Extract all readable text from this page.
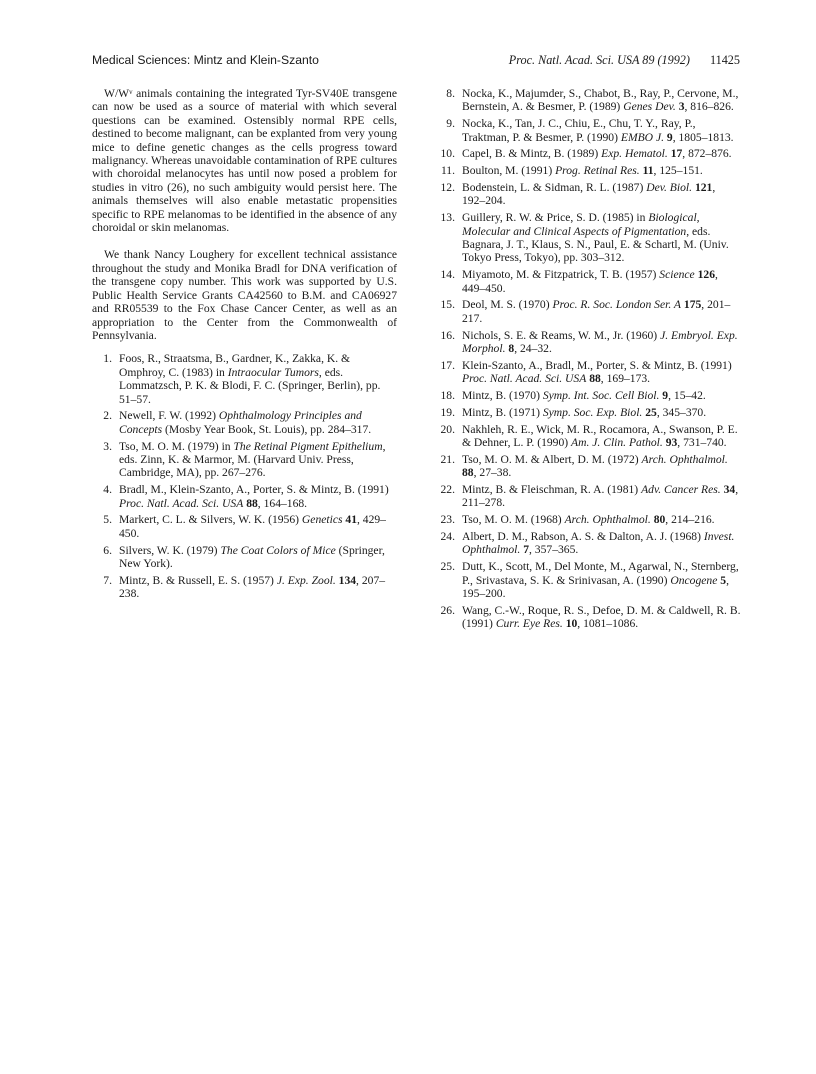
Medical Sciences: Mintz and Klein-Szanto	Proc. Natl. Acad. Sci. USA 89 (1992) 11425

W/Wᵛ animals containing the integrated Tyr-SV40E transgene can now be used as a source of material with which several questions can be examined. Ostensibly normal RPE cells, destined to become malignant, can be explanted from very young mice to define genetic changes as the cells progress toward malignancy. Whereas unavoidable contamination of RPE cultures with choroidal melanocytes has until now posed a problem for studies in vitro (26), no such ambiguity would persist here. The animals themselves will also enable metastatic propensities specific to RPE melanomas to be identified in the absence of any choroidal or skin melanomas.

We thank Nancy Loughery for excellent technical assistance throughout the study and Monika Bradl for DNA verification of the transgene copy number. This work was supported by U.S. Public Health Service Grants CA42560 to B.M. and CA06927 and RR05539 to the Fox Chase Cancer Center, as well as an appropriation to the Center from the Commonwealth of Pennsylvania.

1. Foos, R., Straatsma, B., Gardner, K., Zakka, K. & Omphroy, C. (1983) in Intraocular Tumors, eds. Lommatzsch, P. K. & Blodi, F. C. (Springer, Berlin), pp. 51–57.

2. Newell, F. W. (1992) Ophthalmology Principles and Concepts (Mosby Year Book, St. Louis), pp. 284–317.

3. Tso, M. O. M. (1979) in The Retinal Pigment Epithelium, eds. Zinn, K. & Marmor, M. (Harvard Univ. Press, Cambridge, MA), pp. 267–276.

4. Bradl, M., Klein-Szanto, A., Porter, S. & Mintz, B. (1991) Proc. Natl. Acad. Sci. USA 88, 164–168.

5. Markert, C. L. & Silvers, W. K. (1956) Genetics 41, 429–450.

6. Silvers, W. K. (1979) The Coat Colors of Mice (Springer, New York).

7. Mintz, B. & Russell, E. S. (1957) J. Exp. Zool. 134, 207–238.

8. Nocka, K., Majumder, S., Chabot, B., Ray, P., Cervone, M., Bernstein, A. & Besmer, P. (1989) Genes Dev. 3, 816–826.

9. Nocka, K., Tan, J. C., Chiu, E., Chu, T. Y., Ray, P., Traktman, P. & Besmer, P. (1990) EMBO J. 9, 1805–1813.

10. Capel, B. & Mintz, B. (1989) Exp. Hematol. 17, 872–876.

11. Boulton, M. (1991) Prog. Retinal Res. 11, 125–151.

12. Bodenstein, L. & Sidman, R. L. (1987) Dev. Biol. 121, 192–204.

13. Guillery, R. W. & Price, S. D. (1985) in Biological, Molecular and Clinical Aspects of Pigmentation, eds. Bagnara, J. T., Klaus, S. N., Paul, E. & Schartl, M. (Univ. Tokyo Press, Tokyo), pp. 303–312.

14. Miyamoto, M. & Fitzpatrick, T. B. (1957) Science 126, 449–450.

15. Deol, M. S. (1970) Proc. R. Soc. London Ser. A 175, 201–217.

16. Nichols, S. E. & Reams, W. M., Jr. (1960) J. Embryol. Exp. Morphol. 8, 24–32.

17. Klein-Szanto, A., Bradl, M., Porter, S. & Mintz, B. (1991) Proc. Natl. Acad. Sci. USA 88, 169–173.

18. Mintz, B. (1970) Symp. Int. Soc. Cell Biol. 9, 15–42.

19. Mintz, B. (1971) Symp. Soc. Exp. Biol. 25, 345–370.

20. Nakhleh, R. E., Wick, M. R., Rocamora, A., Swanson, P. E. & Dehner, L. P. (1990) Am. J. Clin. Pathol. 93, 731–740.

21. Tso, M. O. M. & Albert, D. M. (1972) Arch. Ophthalmol. 88, 27–38.

22. Mintz, B. & Fleischman, R. A. (1981) Adv. Cancer Res. 34, 211–278.

23. Tso, M. O. M. (1968) Arch. Ophthalmol. 80, 214–216.

24. Albert, D. M., Rabson, A. S. & Dalton, A. J. (1968) Invest. Ophthalmol. 7, 357–365.

25. Dutt, K., Scott, M., Del Monte, M., Agarwal, N., Sternberg, P., Srivastava, S. K. & Srinivasan, A. (1990) Oncogene 5, 195–200.

26. Wang, C.-W., Roque, R. S., Defoe, D. M. & Caldwell, R. B. (1991) Curr. Eye Res. 10, 1081–1086.
